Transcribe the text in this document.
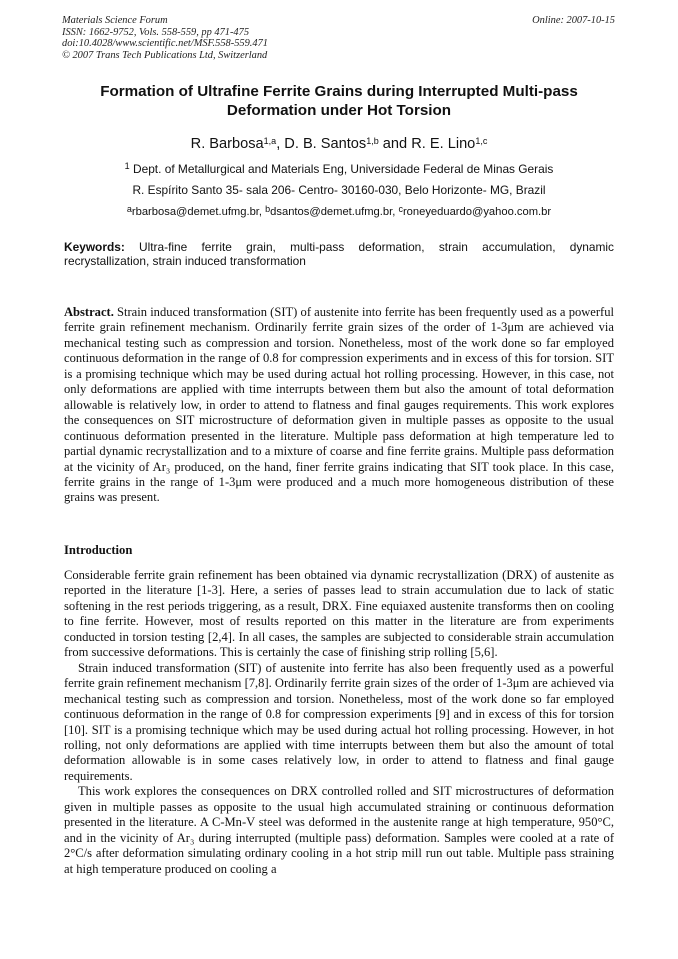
Materials Science Forum
ISSN: 1662-9752, Vols. 558-559, pp 471-475
doi:10.4028/www.scientific.net/MSF.558-559.471
© 2007 Trans Tech Publications Ltd, Switzerland
Online: 2007-10-15
Formation of Ultrafine Ferrite Grains during Interrupted Multi-pass
Deformation under Hot Torsion
R. Barbosa$^{1,a}$, D. B. Santos$^{1,b}$ and R. E. Lino$^{1,c}$
$^1$ Dept. of Metallurgical and Materials Eng, Universidade Federal de Minas Gerais
R. Espírito Santo 35- sala 206- Centro- 30160-030, Belo Horizonte- MG, Brazil
$^a$rbarbosa@demet.ufmg.br, $^b$dsantos@demet.ufmg.br, $^c$roneyeduardo@yahoo.com.br
Keywords: Ultra-fine ferrite grain, multi-pass deformation, strain accumulation, dynamic recrystallization, strain induced transformation
Abstract. Strain induced transformation (SIT) of austenite into ferrite has been frequently used as a powerful ferrite grain refinement mechanism. Ordinarily ferrite grain sizes of the order of 1-3μm are achieved via mechanical testing such as compression and torsion. Nonetheless, most of the work done so far employed continuous deformation in the range of 0.8 for compression experiments and in excess of this for torsion. SIT is a promising technique which may be used during actual hot rolling processing. However, in this case, not only deformations are applied with time interrupts between them but also the amount of total deformation allowable is relatively low, in order to attend to flatness and final gauges requirements. This work explores the consequences on SIT microstructure of deformation given in multiple passes as opposite to the usual continuous deformation presented in the literature. Multiple pass deformation at high temperature led to partial dynamic recrystallization and to a mixture of coarse and fine ferrite grains. Multiple pass deformation at the vicinity of Ar₃ produced, on the hand, finer ferrite grains indicating that SIT took place. In this case, ferrite grains in the range of 1-3μm were produced and a much more homogeneous distribution of these grains was present.
Introduction

Considerable ferrite grain refinement has been obtained via dynamic recrystallization (DRX) of austenite as reported in the literature [1-3]. Here, a series of passes lead to strain accumulation due to lack of static softening in the rest periods triggering, as a result, DRX. Fine equiaxed austenite transforms then on cooling to fine ferrite. However, most of results reported on this matter in the literature are from experiments conducted in torsion testing [2,4]. In all cases, the samples are subjected to considerable strain accumulation from successive deformations. This is certainly the case of finishing strip rolling [5,6].

Strain induced transformation (SIT) of austenite into ferrite has also been frequently used as a powerful ferrite grain refinement mechanism [7,8]. Ordinarily ferrite grain sizes of the order of 1-3μm are achieved via mechanical testing such as compression and torsion. Nonetheless, most of the work done so far employed continuous deformation in the range of 0.8 for compression experiments [9] and in excess of this for torsion [10]. SIT is a promising technique which may be used during actual hot rolling processing. However, in hot rolling, not only deformations are applied with time interrupts between them but also the amount of total deformation allowable is in some cases relatively low, in order to attend to flatness and final gauge requirements.

This work explores the consequences on DRX controlled rolled and SIT microstructures of deformation given in multiple passes as opposite to the usual high accumulated straining or continuous deformation presented in the literature. A C-Mn-V steel was deformed in the austenite range at high temperature, 950°C, and in the vicinity of Ar₃ during interrupted (multiple pass) deformation. Samples were cooled at a rate of 2°C/s after deformation simulating ordinary cooling in a hot strip mill run out table. Multiple pass straining at high temperature produced on cooling a
